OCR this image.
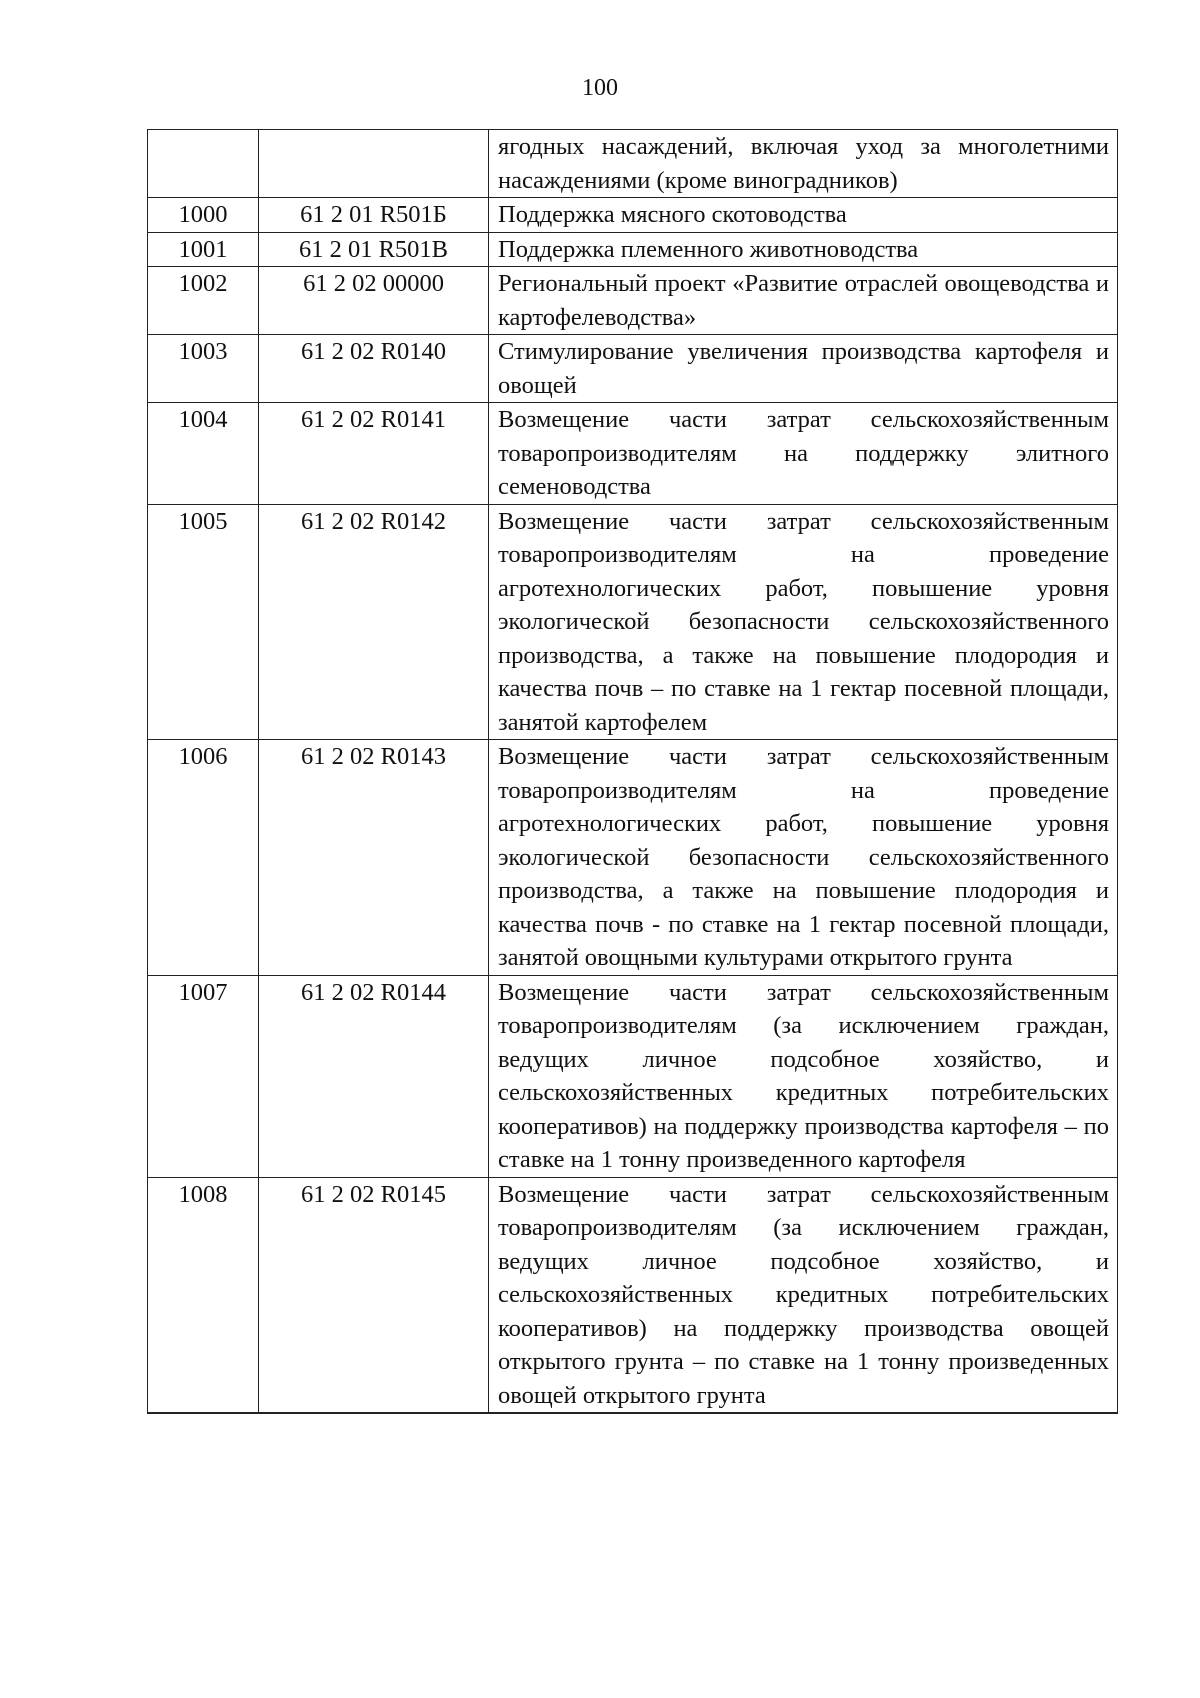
100
		ягодных насаждений, включая уход за многолетними насаждениями (кроме виноградников)
1000	61 2 01 R501Б	Поддержка мясного скотоводства
1001	61 2 01 R501В	Поддержка племенного животноводства
1002	61 2 02 00000	Региональный проект «Развитие отраслей овощеводства и картофелеводства»
1003	61 2 02 R0140	Стимулирование увеличения производства картофеля и овощей
1004	61 2 02 R0141	Возмещение части затрат сельскохозяйственным товаропроизводителям на поддержку элитного семеноводства
1005	61 2 02 R0142	Возмещение части затрат сельскохозяйственным товаропроизводителям на проведение агротехнологических работ, повышение уровня экологической безопасности сельскохозяйственного производства, а также на повышение плодородия и качества почв – по ставке на 1 гектар посевной площади, занятой картофелем
1006	61 2 02 R0143	Возмещение части затрат сельскохозяйственным товаропроизводителям на проведение агротехнологических работ, повышение уровня экологической безопасности сельскохозяйственного производства, а также на повышение плодородия и качества почв - по ставке на 1 гектар посевной площади, занятой овощными культурами открытого грунта
1007	61 2 02 R0144	Возмещение части затрат сельскохозяйственным товаропроизводителям (за исключением граждан, ведущих личное подсобное хозяйство, и сельскохозяйственных кредитных потребительских кооперативов) на поддержку производства картофеля – по ставке на 1 тонну произведенного картофеля
1008	61 2 02 R0145	Возмещение части затрат сельскохозяйственным товаропроизводителям (за исключением граждан, ведущих личное подсобное хозяйство, и сельскохозяйственных кредитных потребительских кооперативов) на поддержку производства овощей открытого грунта – по ставке на 1 тонну произведенных овощей открытого грунта
